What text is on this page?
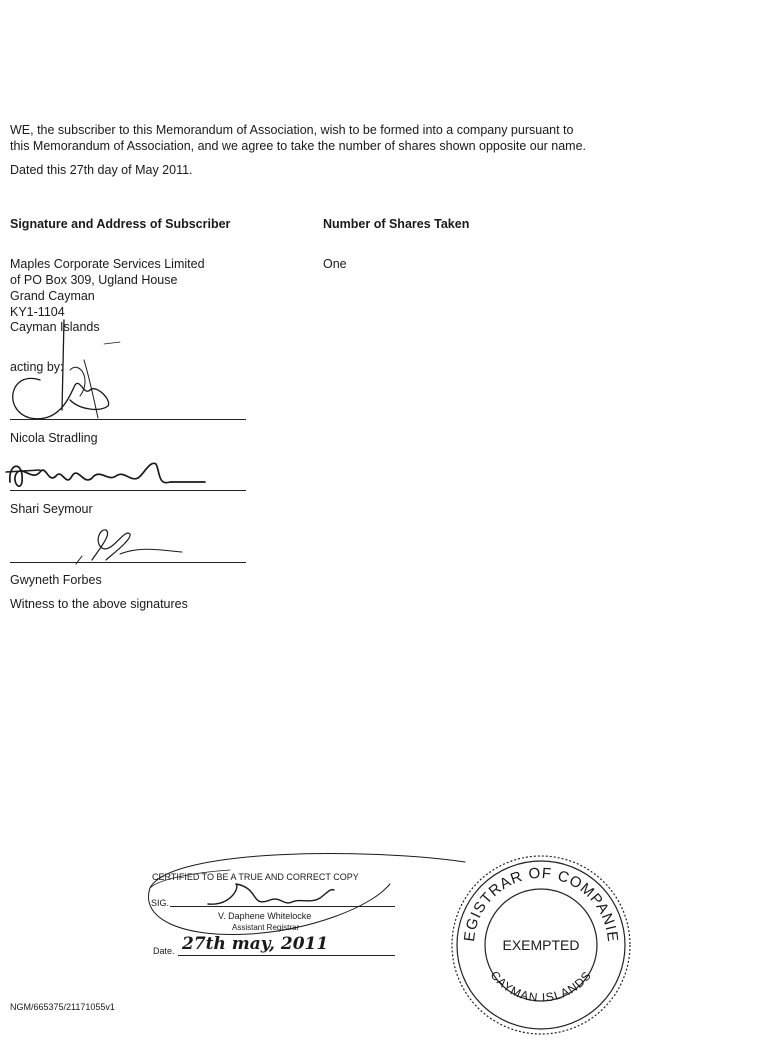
WE, the subscriber to this Memorandum of Association, wish to be formed into a company pursuant to
this Memorandum of Association, and we agree to take the number of shares shown opposite our name.
Dated this 27th day of May 2011.
Signature and Address of Subscriber	Number of Shares Taken
Maples Corporate Services Limited
of PO Box 309, Ugland House
Grand Cayman
KY1-1104
Cayman Islands
One
acting by:
Nicola Stradling
Shari Seymour
Gwyneth Forbes
Witness to the above signatures
CERTIFIED TO BE A TRUE AND CORRECT COPY
SIG.
V. Daphene Whitelocke
Assistant Registrar
Date. 27th may, 2011
REGISTRAR OF COMPANIES
CAYMAN ISLANDS
EXEMPTED
NGM/665375/21171055v1
